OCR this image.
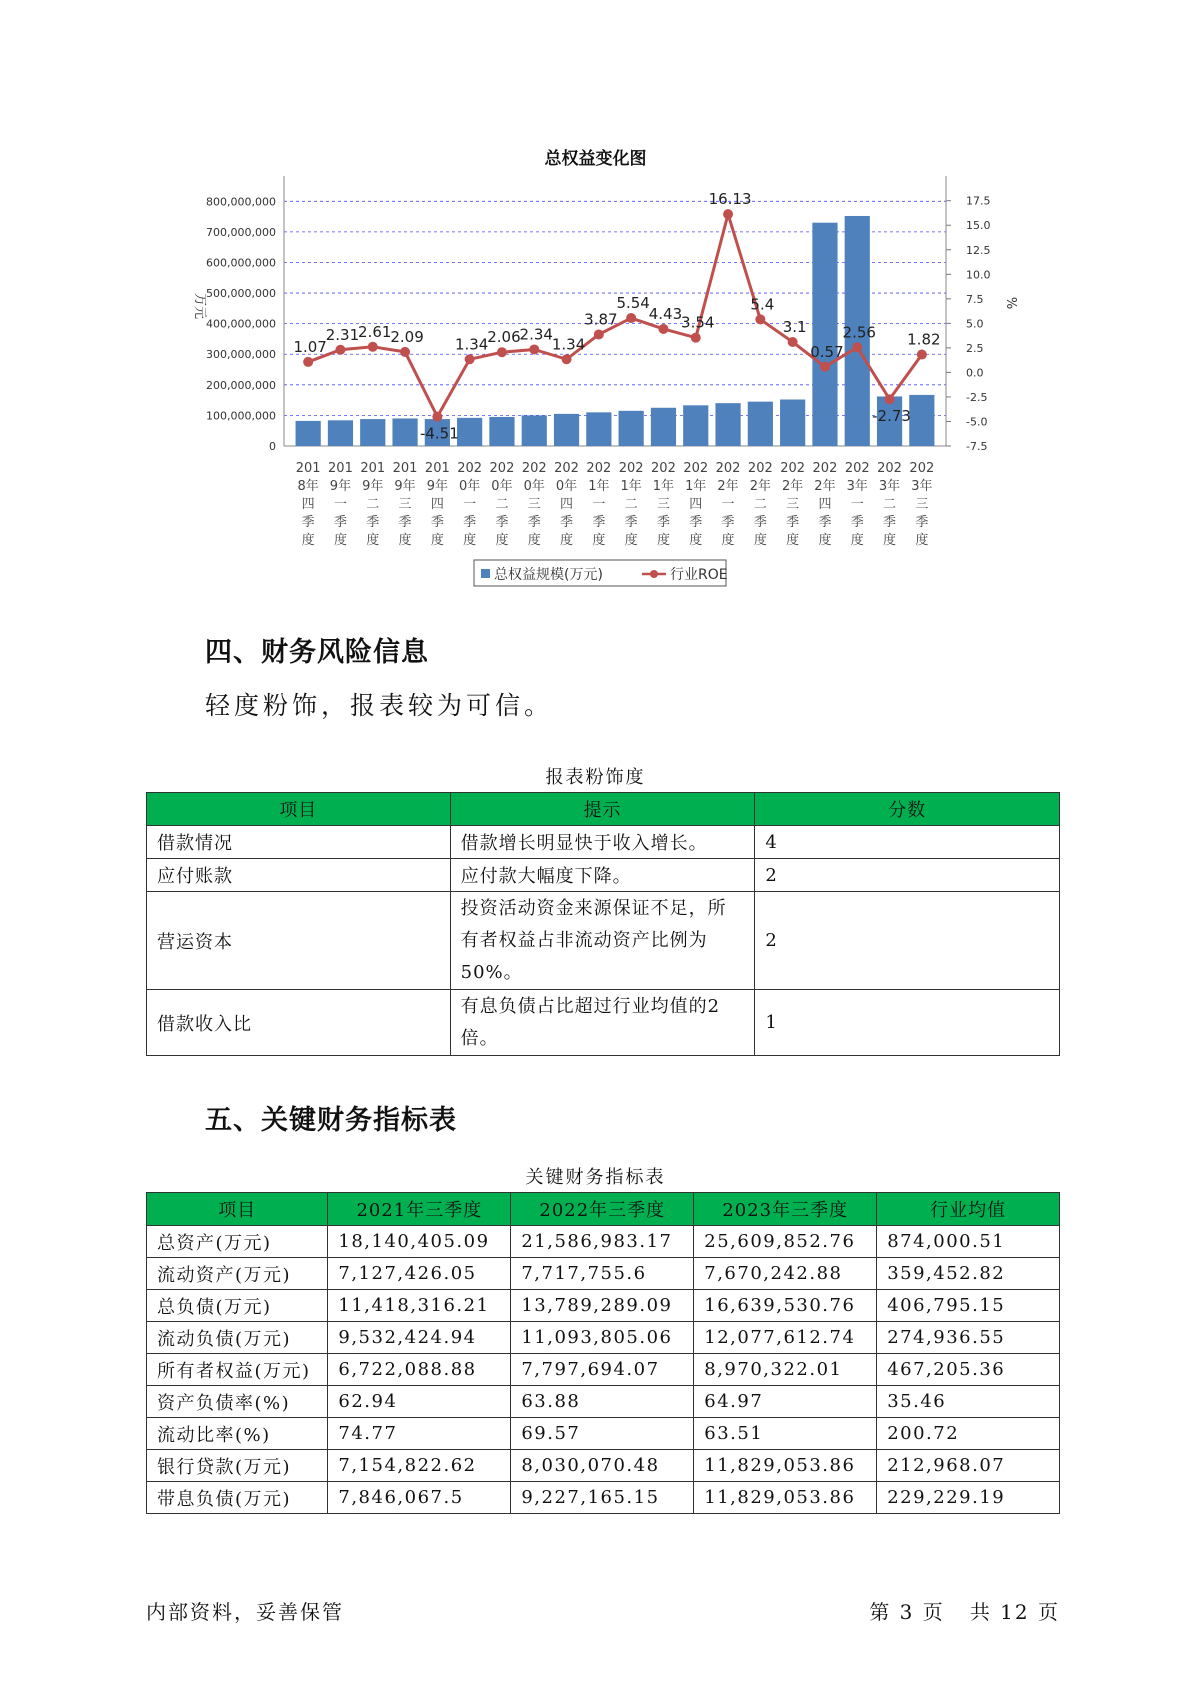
总权益变化图
800,000,000
700,000,000
600,000,000
500,000,000
400,000,000
300,000,000
200,000,000
100,000,000
0
17.5
15.0
12.5
10.0
7.5
5.0
2.5
0.0
-2.5
-5.0
-7.5
万元	%
201
8年
四
季
度
201
9年
一
季
度
201
9年
二
季
度
201
9年
三
季
度
201
9年
四
季
度
202
0年
一
季
度
202
0年
二
季
度
202
0年
三
季
度
202
0年
四
季
度
202
1年
一
季
度
202
1年
二
季
度
202
1年
三
季
度
202
1年
四
季
度
202
2年
一
季
度
202
2年
二
季
度
202
2年
三
季
度
202
2年
四
季
度
202
3年
一
季
度
202
3年
二
季
度
202
3年
三
季
度
1.07
2.31
2.61
2.09
-4.51
1.34
2.06
2.34
1.34
3.87
5.54
4.43
3.54
16.13
5.4
3.1
0.57
2.56
-2.73
1.82
总权益规模(万元)	行业ROE
四、财务风险信息
轻度粉饰，报表较为可信。
报表粉饰度
项目	提示	分数
借款情况	借款增长明显快于收入增长。	4
应付账款	应付款大幅度下降。	2
营运资本	投资活动资金来源保证不足，所有者权益占非流动资产比例为50%。	2
借款收入比	有息负债占比超过行业均值的2倍。	1
五、关键财务指标表
关键财务指标表
项目	2021年三季度	2022年三季度	2023年三季度	行业均值
总资产(万元)	18,140,405.09	21,586,983.17	25,609,852.76	874,000.51
流动资产(万元)	7,127,426.05	7,717,755.6	7,670,242.88	359,452.82
总负债(万元)	11,418,316.21	13,789,289.09	16,639,530.76	406,795.15
流动负债(万元)	9,532,424.94	11,093,805.06	12,077,612.74	274,936.55
所有者权益(万元)	6,722,088.88	7,797,694.07	8,970,322.01	467,205.36
资产负债率(%)	62.94	63.88	64.97	35.46
流动比率(%)	74.77	69.57	63.51	200.72
银行贷款(万元)	7,154,822.62	8,030,070.48	11,829,053.86	212,968.07
带息负债(万元)	7,846,067.5	9,227,165.15	11,829,053.86	229,229.19
内部资料，妥善保管	第 3 页   共 12 页
